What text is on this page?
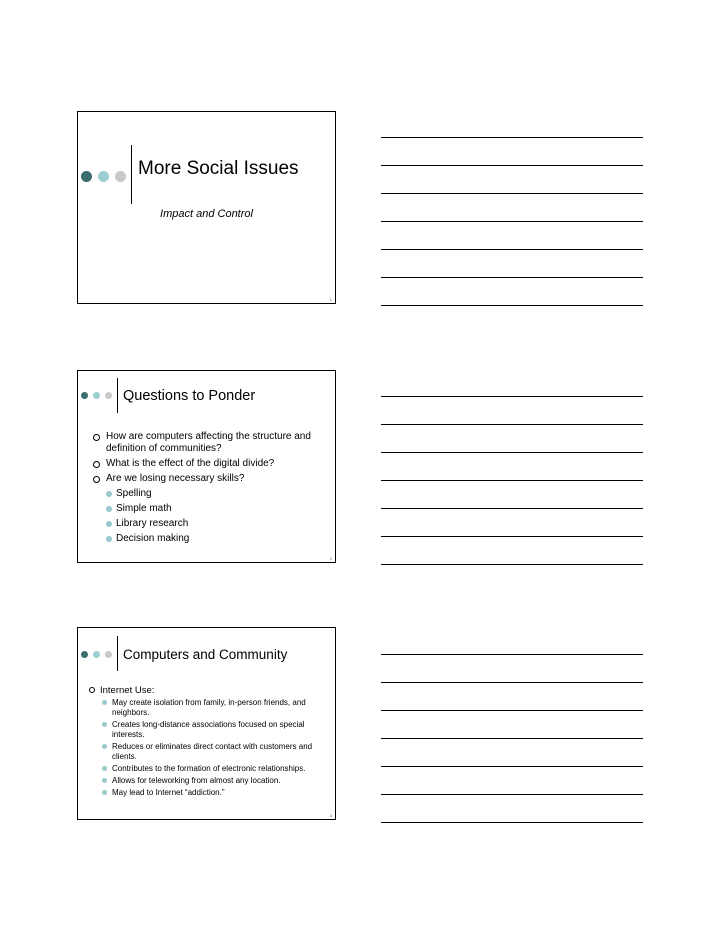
More Social Issues
Impact and Control
1
Questions to Ponder
How are computers affecting the structure and definition of communities?
What is the effect of the digital divide?
Are we losing necessary skills?
Spelling
Simple math
Library research
Decision making
2
Computers and Community
Internet Use:
May create isolation from family, in-person friends, and neighbors.
Creates long-distance associations focused on special interests.
Reduces or eliminates direct contact with customers and clients.
Contributes to the formation of electronic relationships.
Allows for teleworking from almost any location.
May lead to Internet “addiction.”
3
